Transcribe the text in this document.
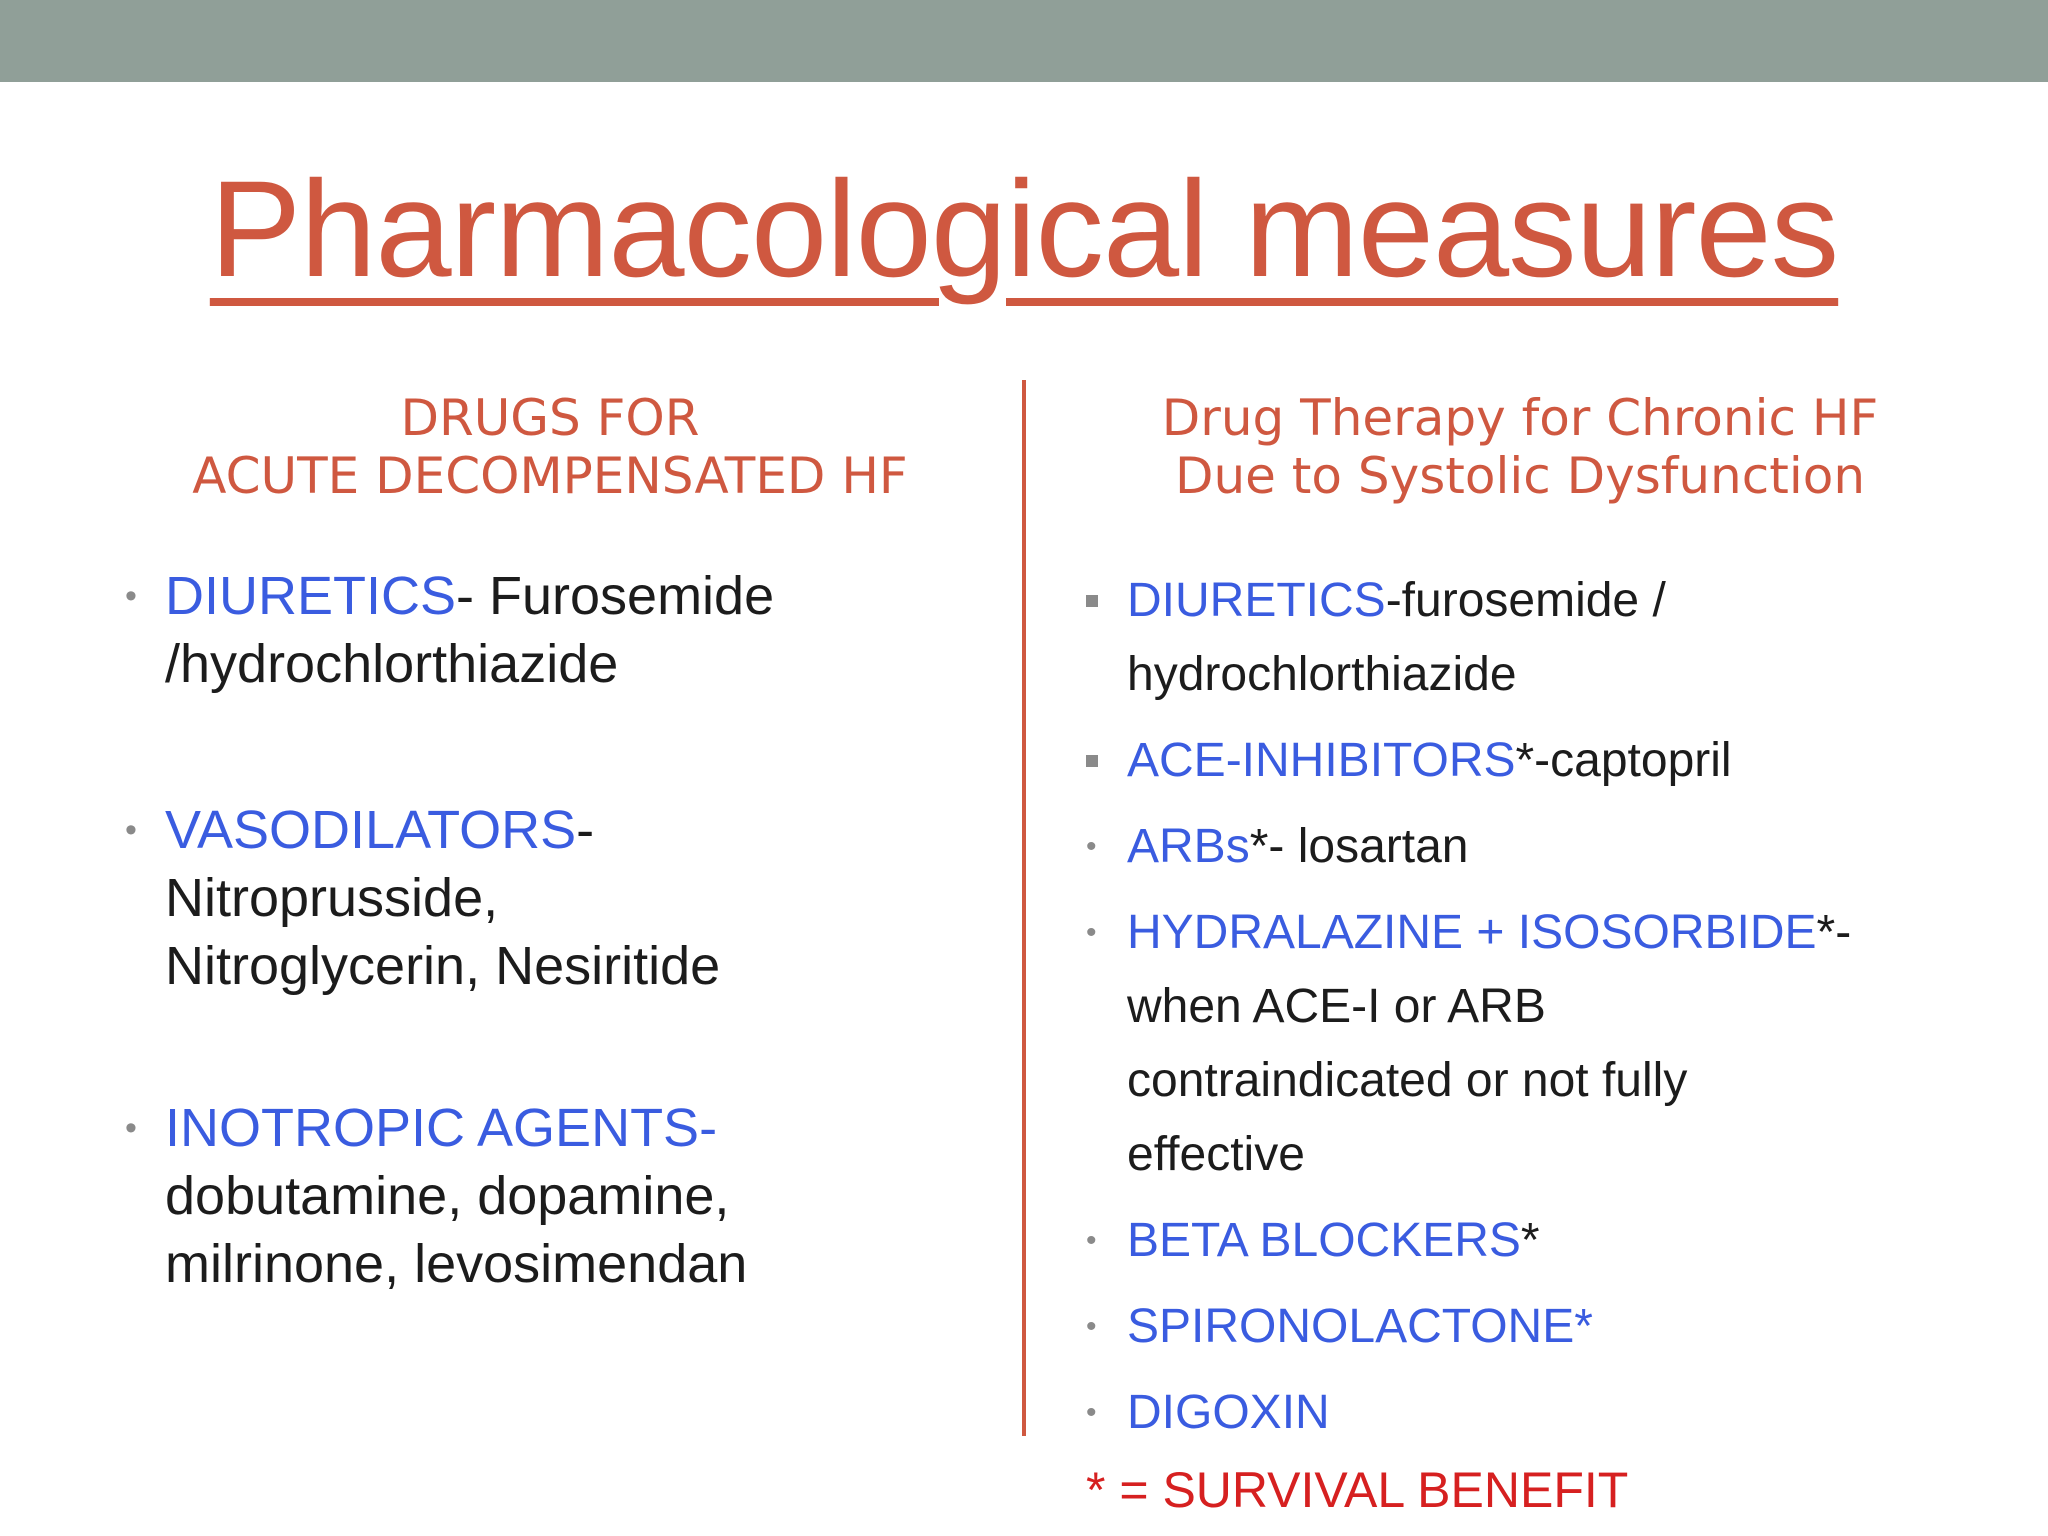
Pharmacological measures
DRUGS FOR
ACUTE DECOMPENSATED HF
Drug Therapy for Chronic HF
Due to Systolic Dysfunction
• DIURETICS- Furosemide
/hydrochlorthiazide
• VASODILATORS-
Nitroprusside,
Nitroglycerin, Nesiritide
• INOTROPIC AGENTS-
dobutamine, dopamine,
milrinone, levosimendan
DIURETICS-furosemide /
hydrochlorthiazide
ACE-INHIBITORS*-captopril
• ARBs*- losartan
• HYDRALAZINE + ISOSORBIDE*-
when ACE-I or ARB
contraindicated or not fully
effective
• BETA BLOCKERS*
• SPIRONOLACTONE*
• DIGOXIN
* = SURVIVAL BENEFIT
